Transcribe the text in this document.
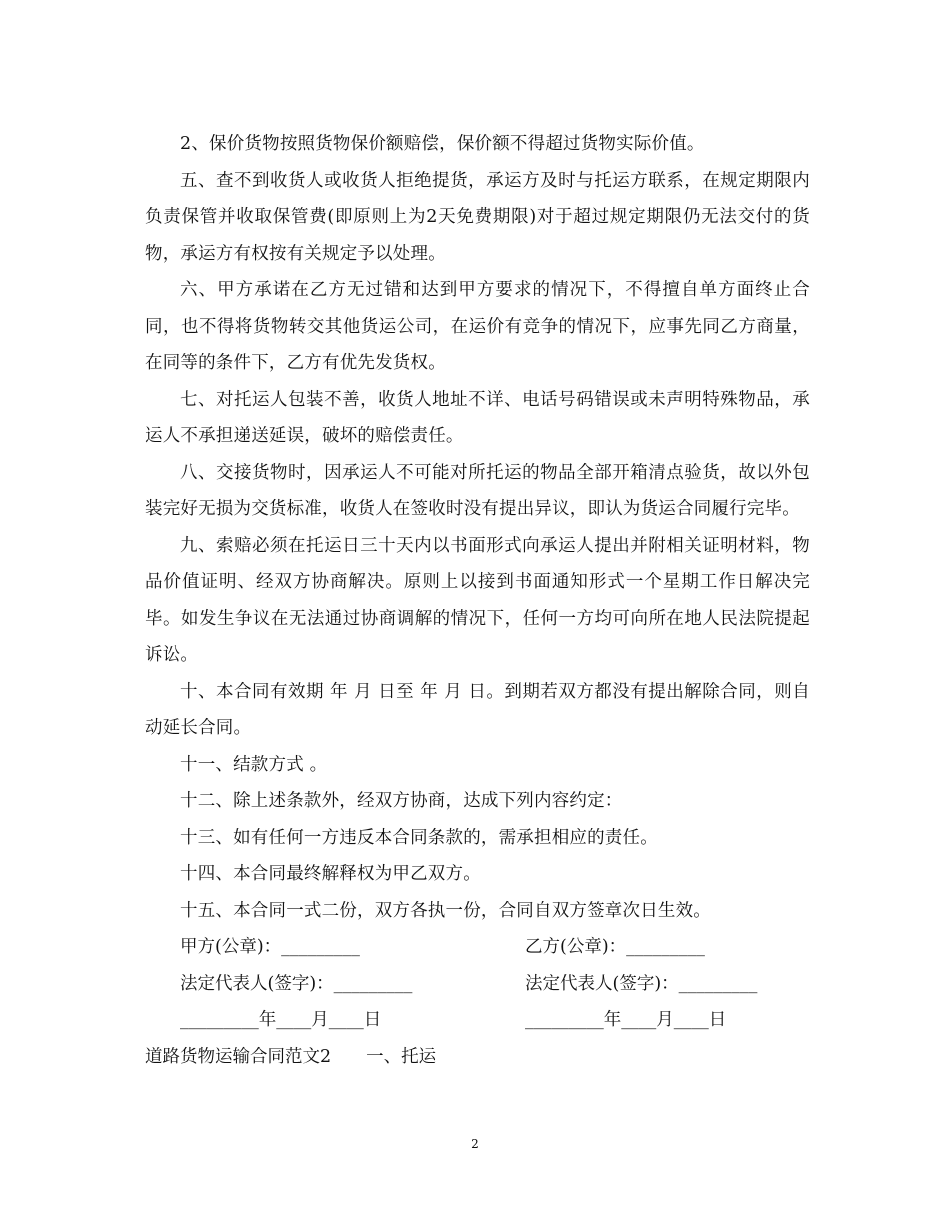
2、保价货物按照货物保价额赔偿，保价额不得超过货物实际价值。

五、查不到收货人或收货人拒绝提货，承运方及时与托运方联系，在规定期限内负责保管并收取保管费(即原则上为2天免费期限)对于超过规定期限仍无法交付的货物，承运方有权按有关规定予以处理。

六、甲方承诺在乙方无过错和达到甲方要求的情况下，不得擅自单方面终止合同，也不得将货物转交其他货运公司，在运价有竞争的情况下，应事先同乙方商量，在同等的条件下，乙方有优先发货权。

七、对托运人包装不善，收货人地址不详、电话号码错误或未声明特殊物品，承运人不承担递送延误，破坏的赔偿责任。

八、交接货物时，因承运人不可能对所托运的物品全部开箱清点验货，故以外包装完好无损为交货标准，收货人在签收时没有提出异议，即认为货运合同履行完毕。

九、索赔必须在托运日三十天内以书面形式向承运人提出并附相关证明材料，物品价值证明、经双方协商解决。原则上以接到书面通知形式一个星期工作日解决完毕。如发生争议在无法通过协商调解的情况下，任何一方均可向所在地人民法院提起诉讼。

十、本合同有效期 年 月 日至 年 月 日。到期若双方都没有提出解除合同，则自动延长合同。

十一、结款方式 。

十二、除上述条款外，经双方协商，达成下列内容约定：

十三、如有任何一方违反本合同条款的，需承担相应的责任。

十四、本合同最终解释权为甲乙双方。

十五、本合同一式二份，双方各执一份，合同自双方签章次日生效。

甲方(公章)：_________	乙方(公章)：_________
法定代表人(签字)：_________	法定代表人(签字)：_________
_________年____月____日	_________年____月____日

道路货物运输合同范文2　　一、托运

2
